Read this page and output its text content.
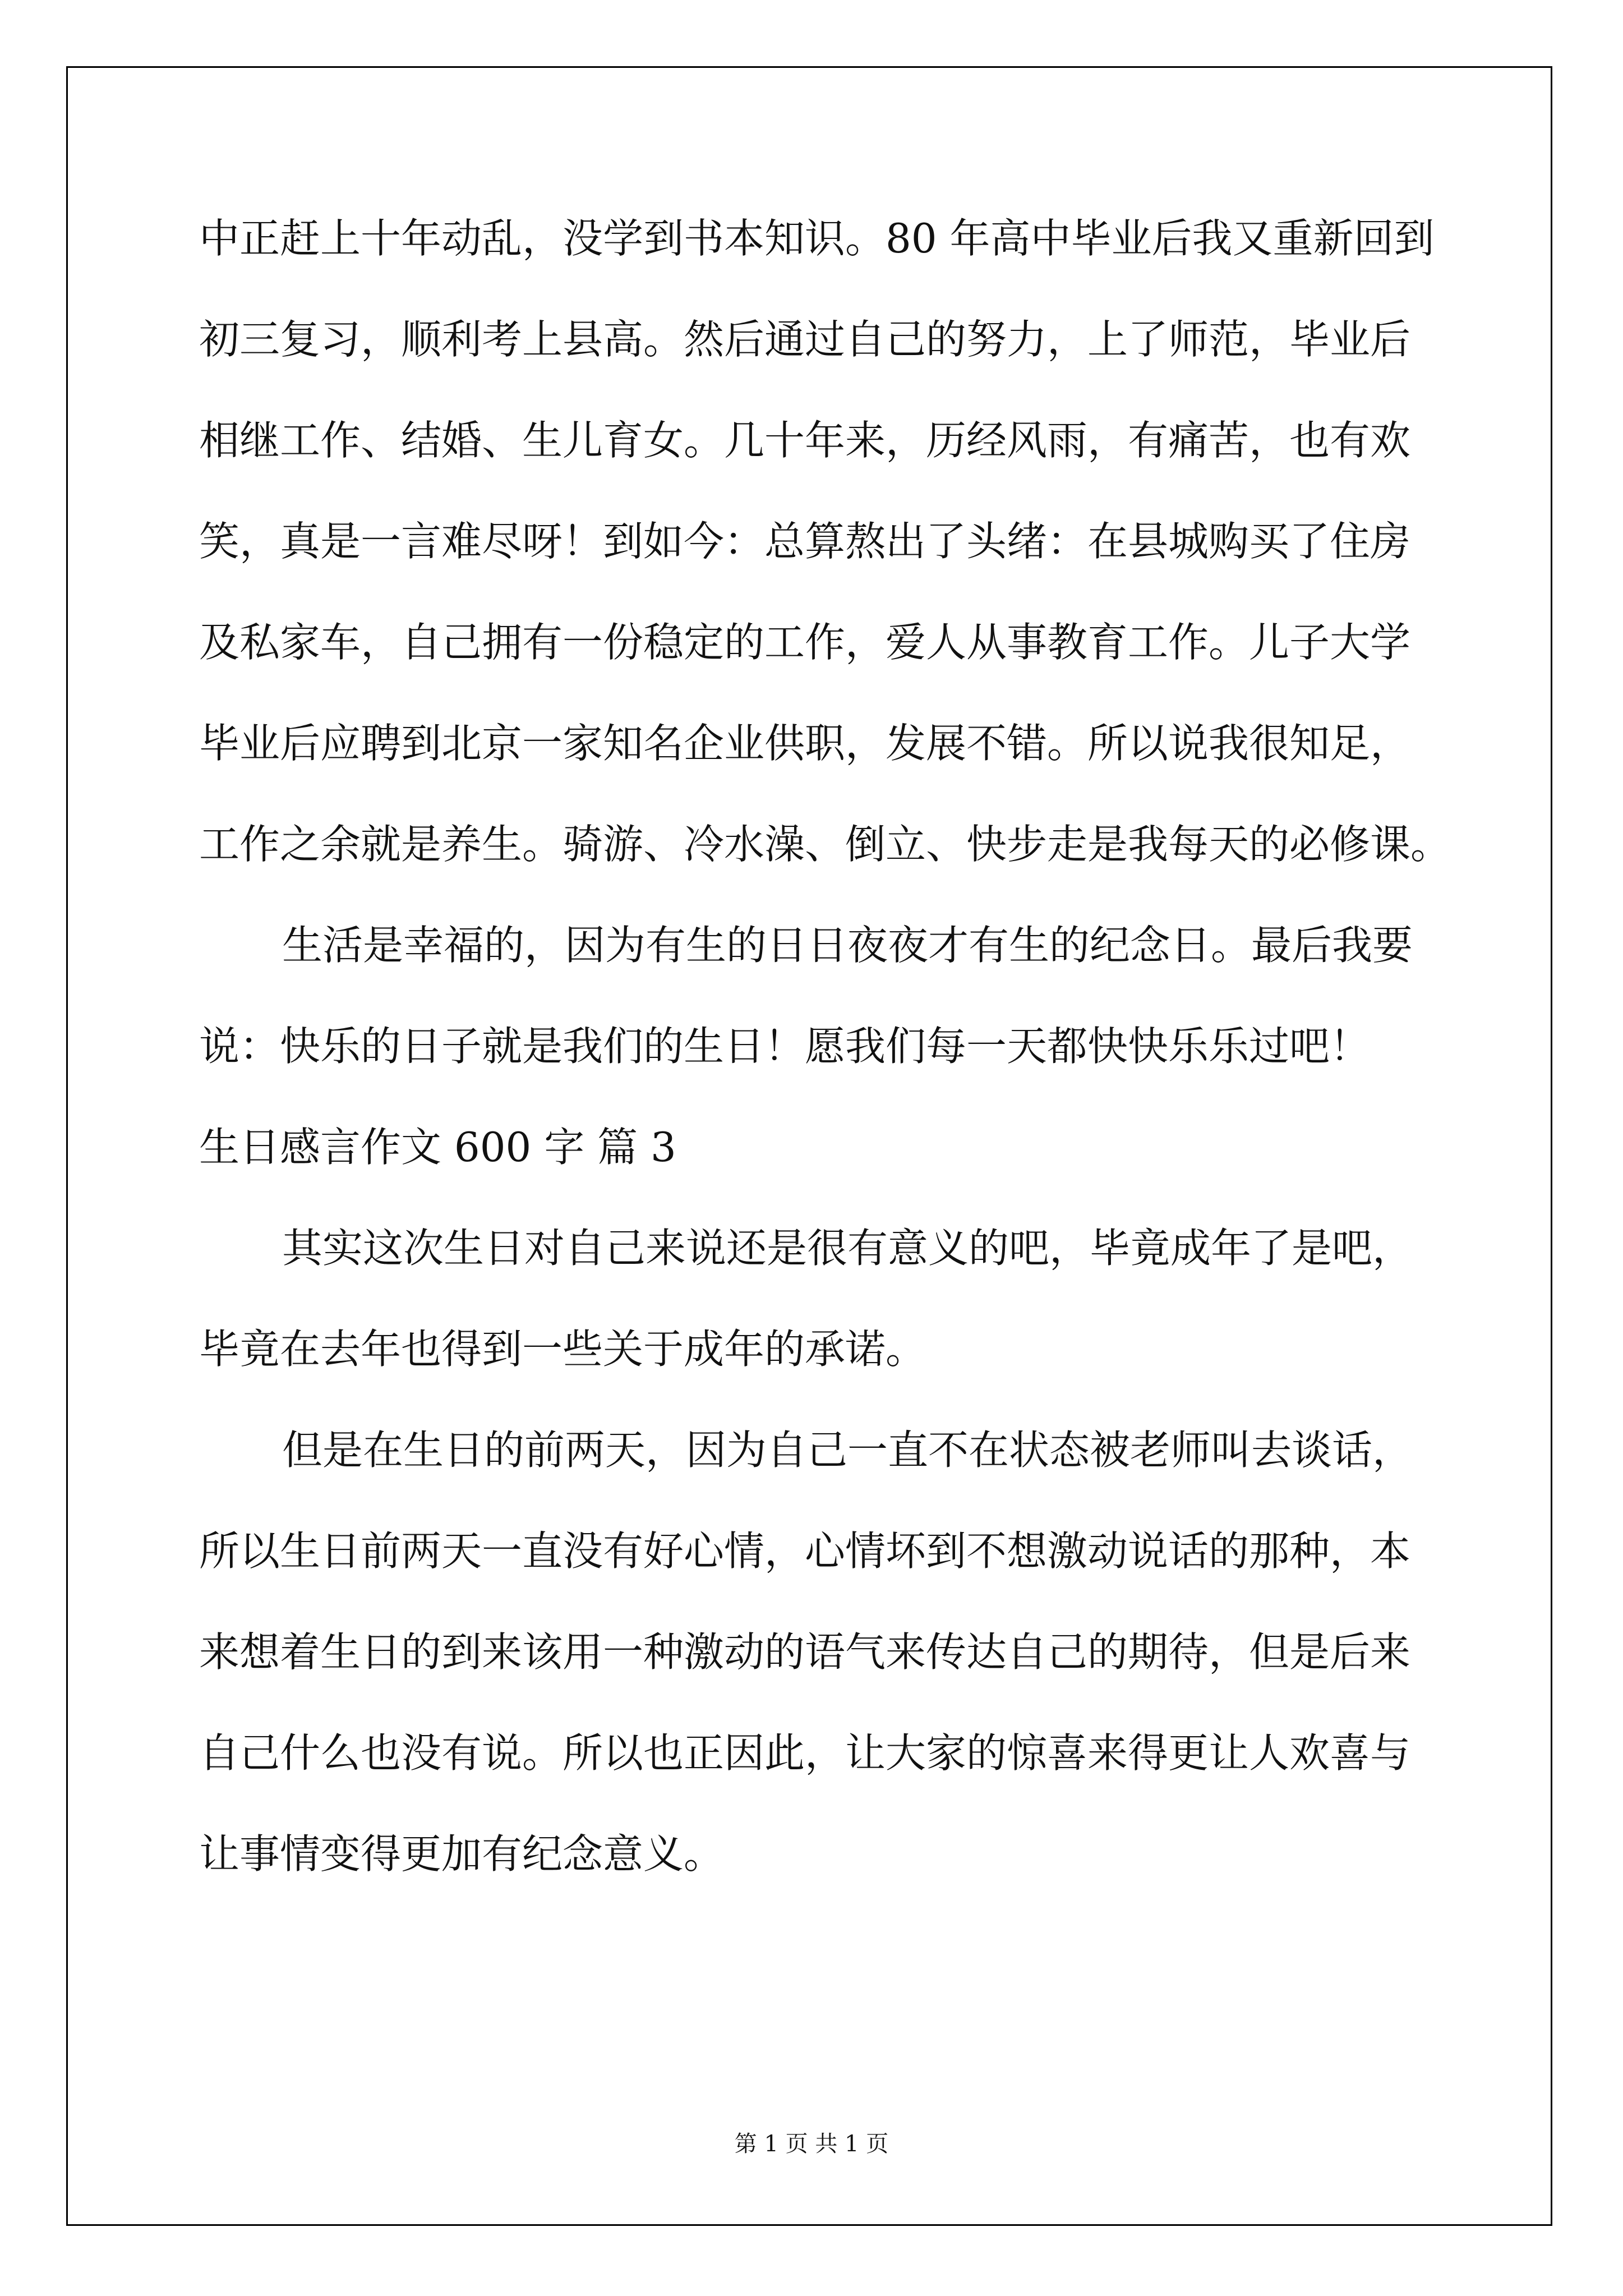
中正赶上十年动乱，没学到书本知识。80 年高中毕业后我又重新回到
初三复习，顺利考上县高。然后通过自己的努力，上了师范，毕业后
相继工作、结婚、生儿育女。几十年来，历经风雨，有痛苦，也有欢
笑，真是一言难尽呀！到如今：总算熬出了头绪：在县城购买了住房
及私家车，自己拥有一份稳定的工作，爱人从事教育工作。儿子大学
毕业后应聘到北京一家知名企业供职，发展不错。所以说我很知足，
工作之余就是养生。骑游、冷水澡、倒立、快步走是我每天的必修课。
生活是幸福的，因为有生的日日夜夜才有生的纪念日。最后我要
说：快乐的日子就是我们的生日！愿我们每一天都快快乐乐过吧！
生日感言作文 600 字 篇 3
其实这次生日对自己来说还是很有意义的吧，毕竟成年了是吧，
毕竟在去年也得到一些关于成年的承诺。
但是在生日的前两天，因为自己一直不在状态被老师叫去谈话，
所以生日前两天一直没有好心情，心情坏到不想激动说话的那种，本
来想着生日的到来该用一种激动的语气来传达自己的期待，但是后来
自己什么也没有说。所以也正因此，让大家的惊喜来得更让人欢喜与
让事情变得更加有纪念意义。
第 1 页 共 1 页
